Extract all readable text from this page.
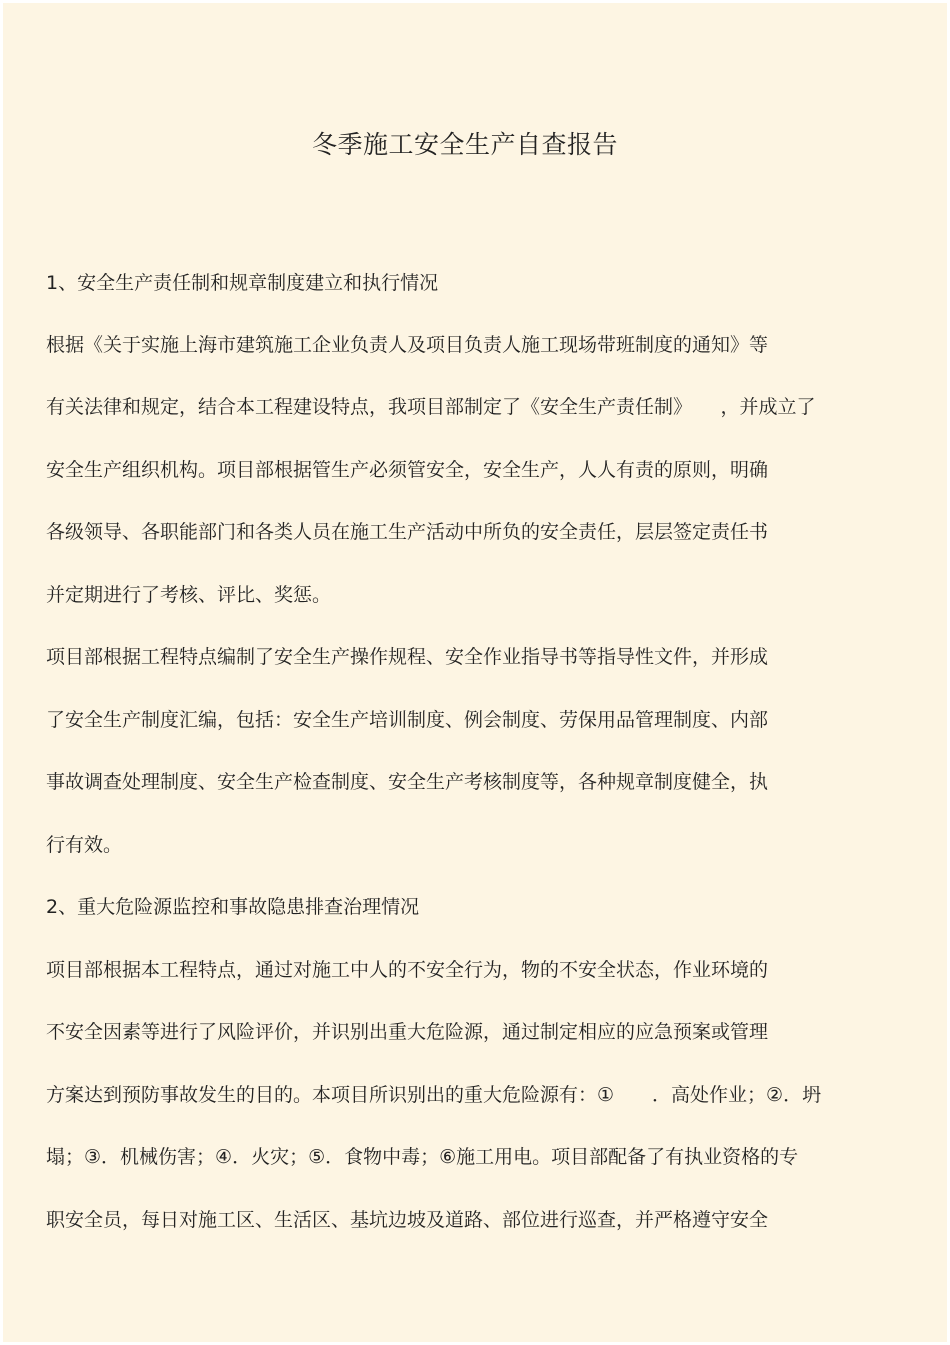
冬季施工安全生产自查报告
1、安全生产责任制和规章制度建立和执行情况
根据《关于实施上海市建筑施工企业负责人及项目负责人施工现场带班制度的通知》等
有关法律和规定，结合本工程建设特点，我项目部制定了《安全生产责任制》　　，并成立了
安全生产组织机构。项目部根据管生产必须管安全，安全生产，人人有责的原则，明确
各级领导、各职能部门和各类人员在施工生产活动中所负的安全责任，层层签定责任书
并定期进行了考核、评比、奖惩。
项目部根据工程特点编制了安全生产操作规程、安全作业指导书等指导性文件，并形成
了安全生产制度汇编，包括：安全生产培训制度、例会制度、劳保用品管理制度、内部
事故调查处理制度、安全生产检查制度、安全生产考核制度等，各种规章制度健全，执
行有效。
2、重大危险源监控和事故隐患排查治理情况
项目部根据本工程特点，通过对施工中人的不安全行为，物的不安全状态，作业环境的
不安全因素等进行了风险评价，并识别出重大危险源，通过制定相应的应急预案或管理
方案达到预防事故发生的目的。本项目所识别出的重大危险源有：①　　．高处作业；②．坍
塌；③．机械伤害；④．火灾；⑤．食物中毒；⑥施工用电。项目部配备了有执业资格的专
职安全员，每日对施工区、生活区、基坑边坡及道路、部位进行巡查，并严格遵守安全
